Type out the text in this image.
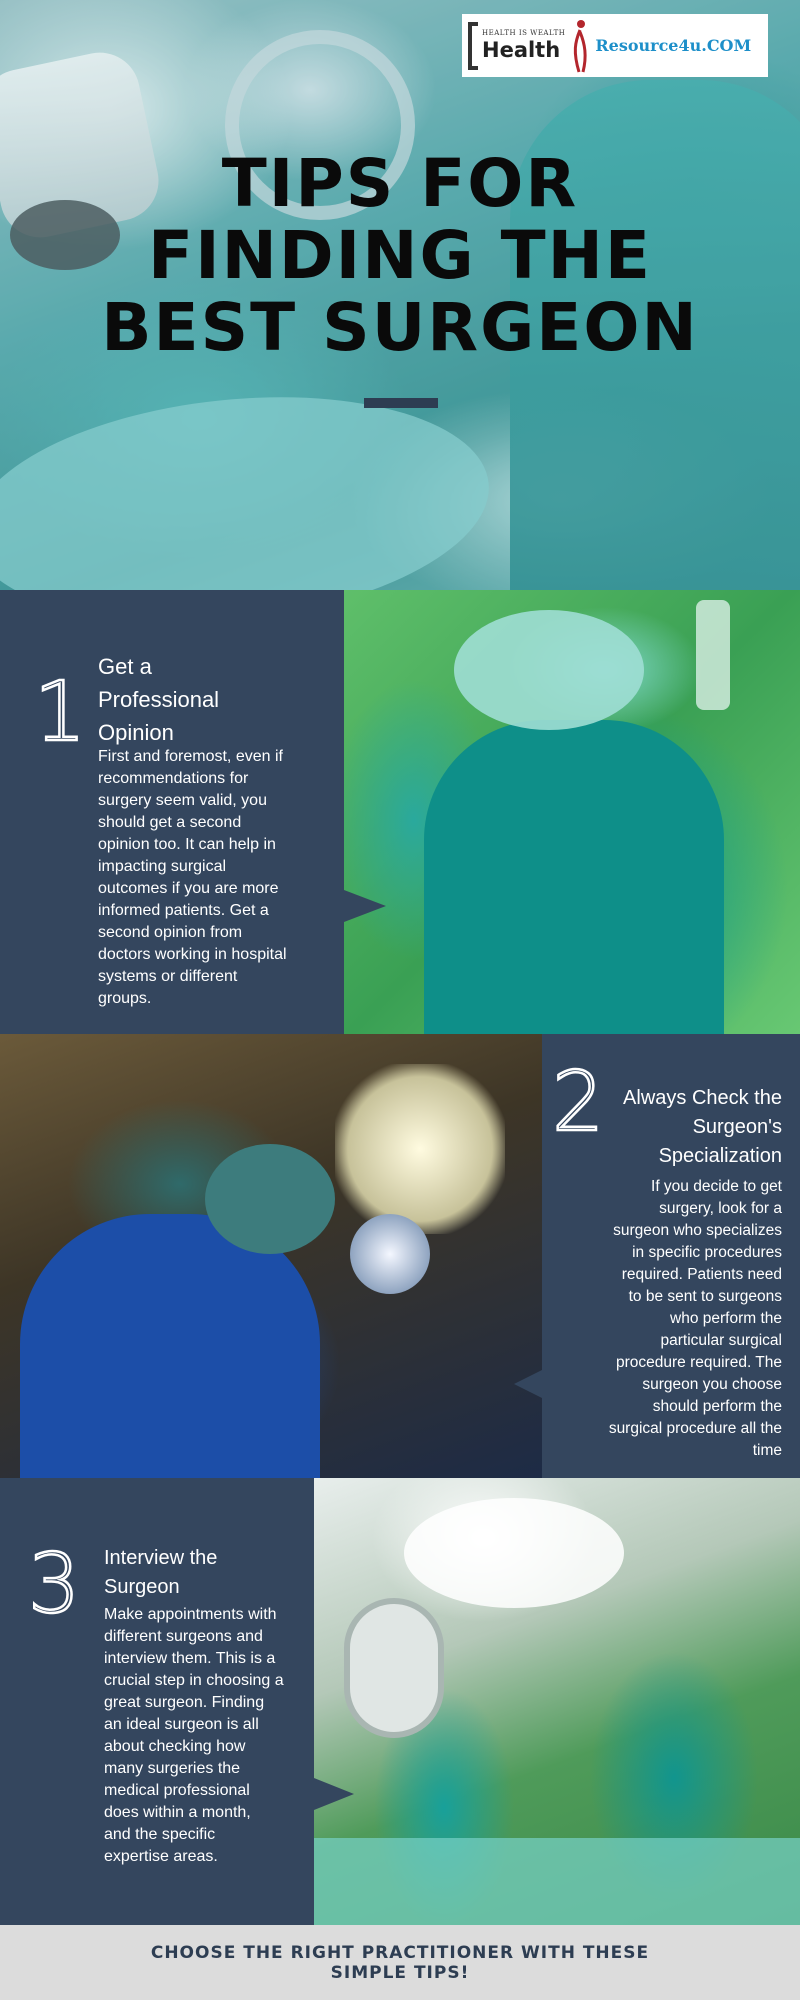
HEALTH IS WEALTH
Health	Resource4u.COM
TIPS FOR
FINDING THE
BEST SURGEON
1 Get a
Professional
Opinion
First and foremost, even if
recommendations for
surgery seem valid, you
should get a second
opinion too. It can help in
impacting surgical
outcomes if you are more
informed patients. Get a
second opinion from
doctors working in hospital
systems or different
groups.
2 Always Check the
Surgeon's
Specialization
If you decide to get
surgery, look for a
surgeon who specializes
in specific procedures
required. Patients need
to be sent to surgeons
who perform the
particular surgical
procedure required. The
surgeon you choose
should perform the
surgical procedure all the
time
3 Interview the
Surgeon
Make appointments with
different surgeons and
interview them. This is a
crucial step in choosing a
great surgeon. Finding
an ideal surgeon is all
about checking how
many surgeries the
medical professional
does within a month,
and the specific
expertise areas.
CHOOSE THE RIGHT PRACTITIONER WITH THESE
SIMPLE TIPS!
